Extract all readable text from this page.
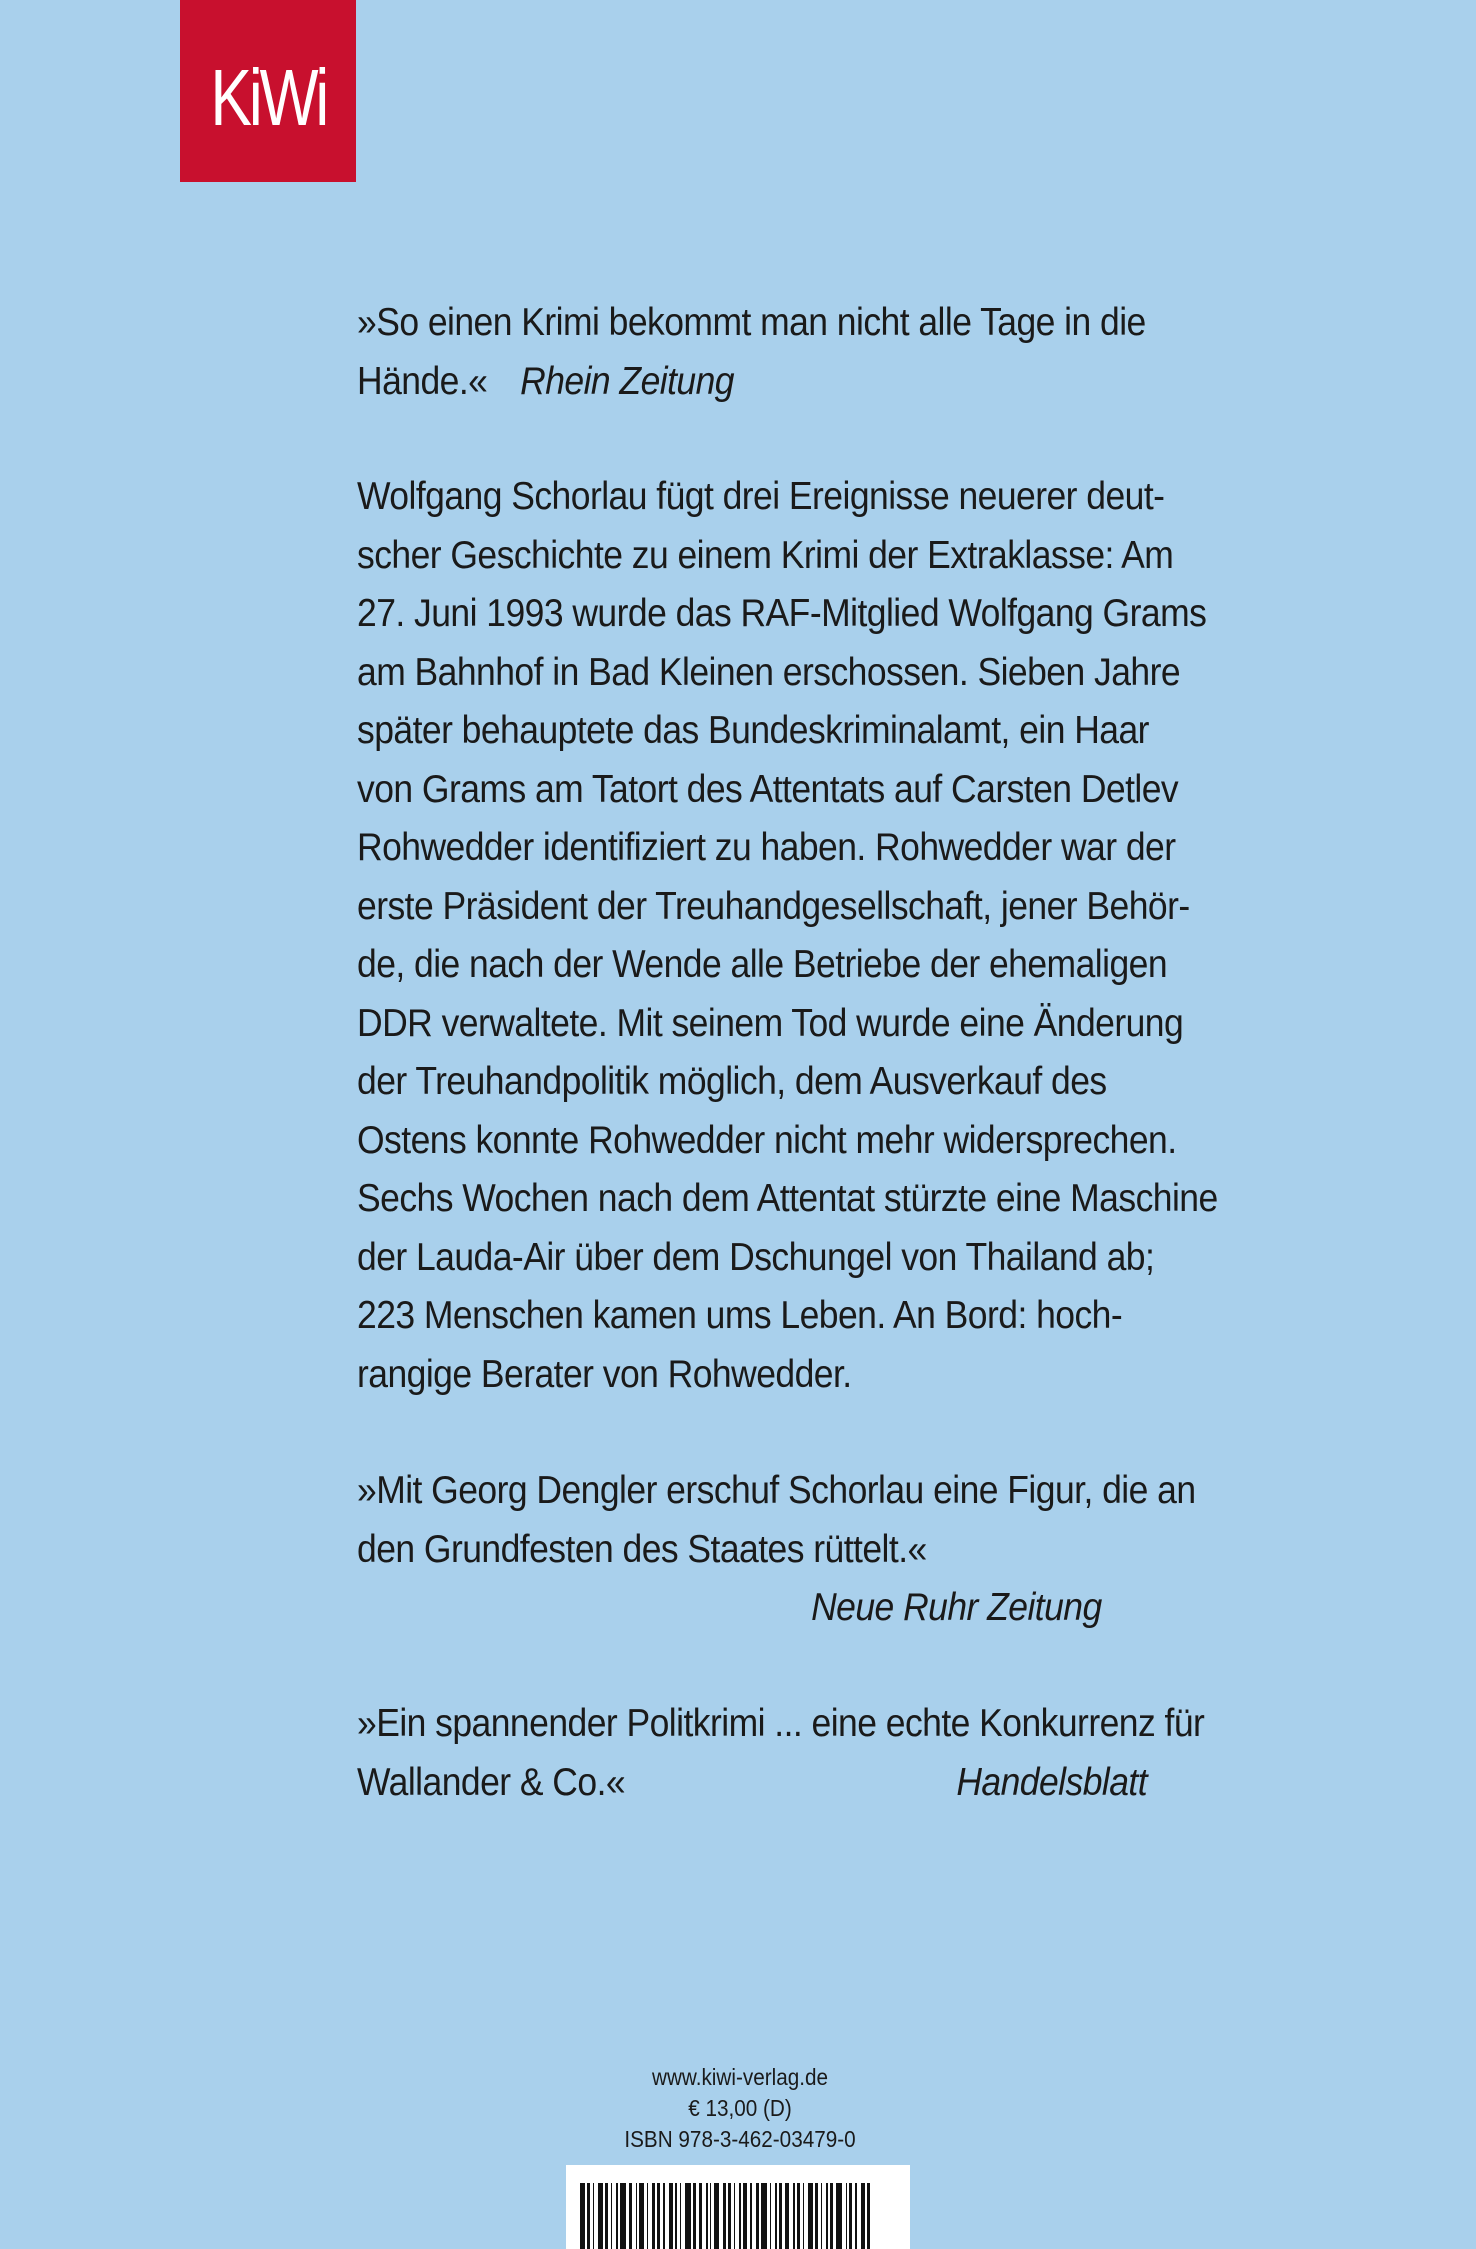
KiWi
»So einen Krimi bekommt man nicht alle Tage in die
Hände.« Rhein Zeitung
Wolfgang Schorlau fügt drei Ereignisse neuerer deut-
scher Geschichte zu einem Krimi der Extraklasse: Am
27. Juni 1993 wurde das RAF-Mitglied Wolfgang Grams
am Bahnhof in Bad Kleinen erschossen. Sieben Jahre
später behauptete das Bundeskriminalamt, ein Haar
von Grams am Tatort des Attentats auf Carsten Detlev
Rohwedder identifiziert zu haben. Rohwedder war der
erste Präsident der Treuhandgesellschaft, jener Behör-
de, die nach der Wende alle Betriebe der ehemaligen
DDR verwaltete. Mit seinem Tod wurde eine Änderung
der Treuhandpolitik möglich, dem Ausverkauf des
Ostens konnte Rohwedder nicht mehr widersprechen.
Sechs Wochen nach dem Attentat stürzte eine Maschine
der Lauda-Air über dem Dschungel von Thailand ab;
223 Menschen kamen ums Leben. An Bord: hoch-
rangige Berater von Rohwedder.
»Mit Georg Dengler erschuf Schorlau eine Figur, die an
den Grundfesten des Staates rüttelt.«
Neue Ruhr Zeitung
»Ein spannender Politkrimi ... eine echte Konkurrenz für
Wallander & Co.«	Handelsblatt
www.kiwi-verlag.de
€ 13,00 (D)
ISBN 978-3-462-03479-0
